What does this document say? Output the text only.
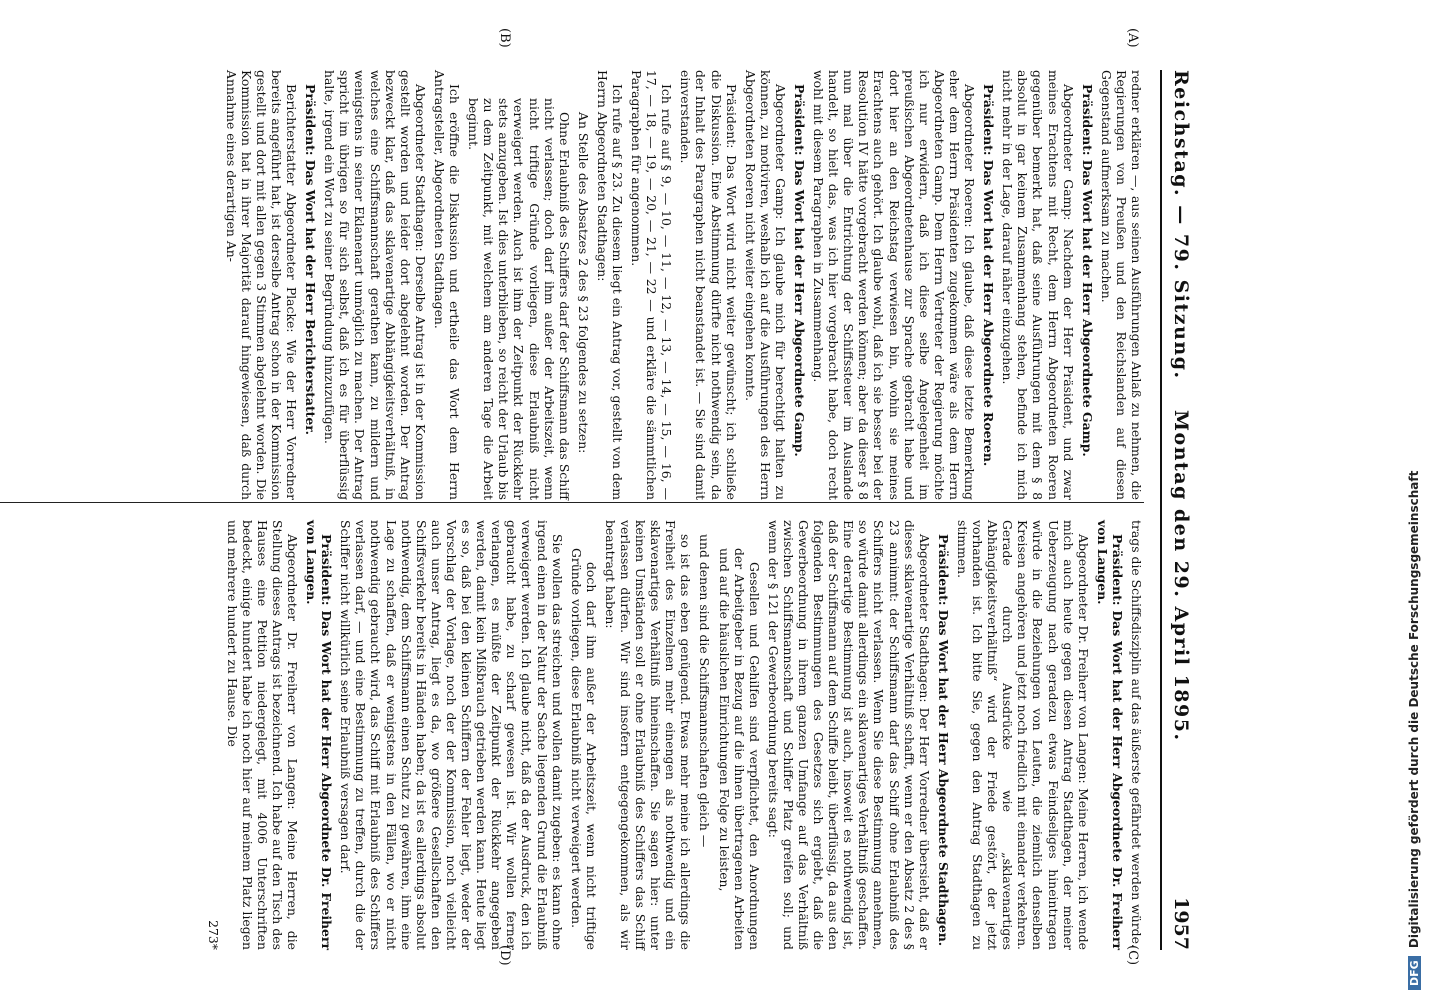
Reichstag. — 79. Sitzung.
Montag den 29. April 1895.
1957
(A)
(B)
(C)
(D)

redner erklären —, aus seinen Ausführungen Anlaß zu nehmen, die Regierungen von Preußen und den Reichslanden auf diesen Gegenstand aufmerksam zu machen.

Präsident: Das Wort hat der Herr Abgeordnete Gamp.

Abgeordneter Gamp: Nachdem der Herr Präsident, und zwar meines Erachtens mit Recht, dem Herrn Abgeordneten Roeren gegenüber bemerkt hat, daß seine Ausführungen mit dem § 8 absolut in gar keinem Zusammenhang stehen, befinde ich mich nicht mehr in der Lage, darauf näher einzugehen.

Präsident: Das Wort hat der Herr Abgeordnete Roeren.

Abgeordneter Roeren: Ich glaube, daß diese letzte Bemerkung eher dem Herrn Präsidenten zugekommen wäre als dem Herrn Abgeordneten Gamp. Dem Herrn Vertreter der Regierung möchte ich nur erwidern, daß ich diese selbe Angelegenheit im preußischen Abgeordnetenhause zur Sprache gebracht habe und dort hier an den Reichstag verwiesen bin, wohin sie meines Erachtens auch gehört. Ich glaube wohl, daß ich sie besser bei der Resolution IV hätte vorgebracht werden können; aber da dieser § 8 nun mal über die Entrichtung der Schiffssteuer im Auslande handelt, so hielt das, was ich hier vorgebracht habe, doch recht wohl mit diesem Paragraphen in Zusammenhang.

Präsident: Das Wort hat der Herr Abgeordnete Gamp.

Abgeordneter Gamp: Ich glaube mich für berechtigt halten zu können, zu motiviren, weshalb ich auf die Ausführungen des Herrn Abgeordneten Roeren nicht weiter eingehen konnte.

Präsident: Das Wort wird nicht weiter gewünscht; ich schließe die Diskussion. Eine Abstimmung dürfte nicht nothwendig sein, da der Inhalt des Paragraphen nicht beanstandet ist. — Sie sind damit einverstanden.

Ich rufe auf § 9, — 10, — 11, — 12, — 13, — 14, — 15, — 16, — 17, — 18, — 19, — 20, — 21, — 22 — und erkläre die sämmtlichen Paragraphen für angenommen.

Ich rufe auf § 23. Zu diesem liegt ein Antrag vor, gestellt von dem Herrn Abgeordneten Stadthagen:

An Stelle des Absatzes 2 des § 23 folgendes zu setzen:

Ohne Erlaubniß des Schiffers darf der Schiffsmann das Schiff nicht verlassen; doch darf ihm außer der Arbeitszeit, wenn nicht triftige Gründe vorliegen, diese Erlaubniß nicht verweigert werden. Auch ist ihm der Zeitpunkt der Rückkehr stets anzugeben. Ist dies unterblieben, so reicht der Urlaub bis zu dem Zeitpunkt, mit welchem am anderen Tage die Arbeit beginnt.

Ich eröffne die Diskussion und ertheile das Wort dem Herrn Antragsteller, Abgeordneten Stadthagen.

Abgeordneter Stadthagen: Derselbe Antrag ist in der Kommission gestellt worden und leider dort abgelehnt worden. Der Antrag bezweckt klar, daß das sklavenartige Abhängigkeitsverhältniß, in welches eine Schiffsmannschaft gerathen kann, zu mildern und wenigstens in seiner Eklanenart unmöglich zu machen. Der Antrag spricht im übrigen so für sich selbst, daß ich es für überflüssig halte, irgend ein Wort zu seiner Begründung hinzuzufügen.

Präsident: Das Wort hat der Herr Berichterstatter.

Berichterstatter Abgeordneter Placke: Wie der Herr Vorredner bereits angeführt hat, ist derselbe Antrag schon in der Kommission gestellt und dort mit allen gegen 3 Stimmen abgelehnt worden. Die Kommission hat in ihrer Majorität darauf hingewiesen, daß durch Annahme eines derartigen An-

trags die Schiffsdisziplin auf das äußerste gefährdet werden würde.

Präsident: Das Wort hat der Herr Abgeordnete Dr. Freiherr von Langen.

Abgeordneter Dr. Freiherr von Langen: Meine Herren, ich wende mich auch heute gegen diesen Antrag Stadthagen, der meiner Ueberzeugung nach geradezu etwas Feindseliges hineintragen würde in die Beziehungen von Leuten, die ziemlich denselben Kreisen angehören und jetzt noch friedlich mit einander verkehren. Gerade durch Ausdrücke wie „sklavenartiges Abhängigkeitsverhältniß“ wird der Friede gestört, der jetzt vorhanden ist. Ich bitte Sie, gegen den Antrag Stadthagen zu stimmen.

Präsident: Das Wort hat der Herr Abgeordnete Stadthagen.

Abgeordneter Stadthagen: Der Herr Vorredner übersieht, daß er dieses sklavenartige Verhältniß schafft, wenn er den Absatz 2 des § 23 annimmt: der Schiffsmann darf das Schiff ohne Erlaubniß des Schiffers nicht verlassen. Wenn Sie diese Bestimmung annehmen, so würde damit allerdings ein sklavenartiges Verhältniß geschaffen. Eine derartige Bestimmung ist auch, insoweit es nothwendig ist, daß der Schiffsmann auf dem Schiffe bleibt, überflüssig, da aus den folgenden Bestimmungen des Gesetzes sich ergiebt, daß die Gewerbeordnung in ihrem ganzen Umfange auf das Verhältniß zwischen Schiffsmannschaft und Schiffer Platz greifen soll; und wenn der § 121 der Gewerbeordnung bereits sagt:

Gesellen und Gehilfen sind verpflichtet, den Anordnungen der Arbeitgeber in Bezug auf die ihnen übertragenen Arbeiten und auf die häuslichen Einrichtungen Folge zu leisten,

und denen sind die Schiffsmannschaften gleich —

so ist das eben genügend. Etwas mehr meine ich allerdings die Freiheit des Einzelnen mehr einengen als nothwendig und ein sklavenartiges Verhältniß hineinschaffen. Sie sagen hier: unter keinen Umständen soll er ohne Erlaubniß des Schiffers das Schiff verlassen dürfen. Wir sind insofern entgegengekommen, als wir beantragt haben:

doch darf ihm außer der Arbeitszeit, wenn nicht triftige Gründe vorliegen, diese Erlaubniß nicht verweigert werden.

Sie wollen das streichen und wollen damit zugeben: es kann ohne irgend einen in der Natur der Sache liegenden Grund die Erlaubniß verweigert werden. Ich glaube nicht, daß da der Ausdruck, den ich gebraucht habe, zu scharf gewesen ist. Wir wollen ferner verlangen, es müßte der Zeitpunkt der Rückkehr angegeben werden, damit kein Mißbrauch getrieben werden kann. Heute liegt es so, daß bei den kleinen Schiffern der Fehler liegt, weder der Vorschlag der Vorlage, noch der der Kommission, noch vielleicht auch unser Antrag, liegt es da, wo größere Gesellschaften den Schiffsverkehr bereits in Händen haben; da ist es allerdings absolut nothwendig, dem Schiffsmann einen Schutz zu gewähren, ihm eine Lage zu schaffen, daß er wenigstens in den Fällen, wo er nicht nothwendig gebraucht wird, das Schiff mit Erlaubniß des Schiffers verlassen darf, — und eine Bestimmung zu treffen, durch die der Schiffer nicht willkürlich seine Erlaubniß versagen darf.

Präsident: Das Wort hat der Herr Abgeordnete Dr. Freiherr von Langen.

Abgeordneter Dr. Freiherr von Langen: Meine Herren, die Stellung dieses Antrags ist bezeichnend. Ich habe auf den Tisch des Hauses eine Petition niedergelegt, mit 4006 Unterschriften bedeckt, einige hundert habe ich noch hier auf meinem Platz liegen und mehrere hundert zu Hause. Die

273*

DFG Digitalisierung gefördert durch die Deutsche Forschungsgemeinschaft
